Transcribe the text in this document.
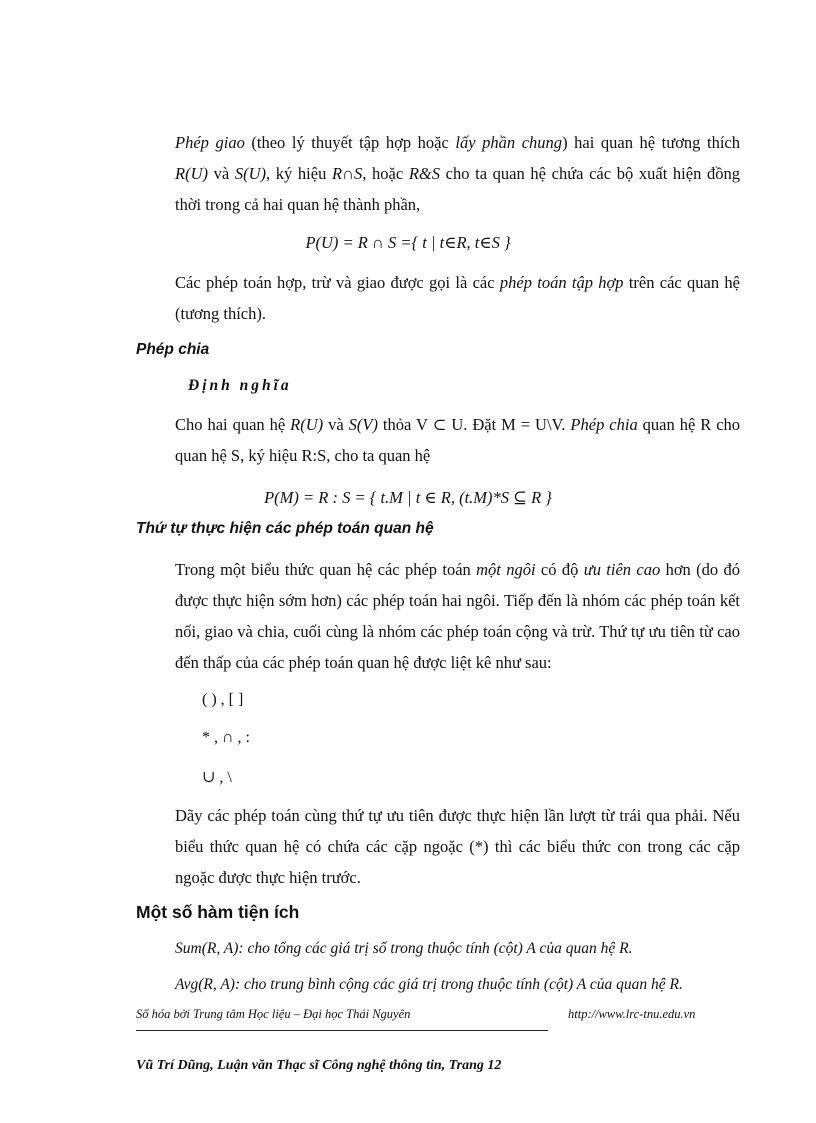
Phép giao (theo lý thuyết tập hợp hoặc lấy phần chung) hai quan hệ tương thích R(U) và S(U), ký hiệu R∩S, hoặc R&S cho ta quan hệ chứa các bộ xuất hiện đồng thời trong cả hai quan hệ thành phần,

P(U) = R ∩ S ={ t | t∈R, t∈S }

Các phép toán hợp, trừ và giao được gọi là các phép toán tập hợp trên các quan hệ (tương thích).

Phép chia

Định nghĩa

Cho hai quan hệ R(U) và S(V) thỏa V ⊂ U. Đặt M = U\V. Phép chia quan hệ R cho quan hệ S, ký hiệu R:S, cho ta quan hệ

P(M) = R : S = { t.M | t ∈ R, (t.M)*S ⊆ R }

Thứ tự thực hiện các phép toán quan hệ

Trong một biểu thức quan hệ các phép toán một ngôi có độ ưu tiên cao hơn (do đó được thực hiện sớm hơn) các phép toán hai ngôi. Tiếp đến là nhóm các phép toán kết nối, giao và chia, cuối cùng là nhóm các phép toán cộng và trừ. Thứ tự ưu tiên từ cao đến thấp của các phép toán quan hệ được liệt kê như sau:

( ) , [ ]

* , ∩ , :

∪ , \

Dãy các phép toán cùng thứ tự ưu tiên được thực hiện lần lượt từ trái qua phải. Nếu biểu thức quan hệ có chứa các cặp ngoặc (*) thì các biểu thức con trong các cặp ngoặc được thực hiện trước.

Một số hàm tiện ích

Sum(R, A): cho tổng các giá trị số trong thuộc tính (cột) A của quan hệ R.

Avg(R, A): cho trung bình cộng các giá trị trong thuộc tính (cột) A của quan hệ R.

Số hóa bởi Trung tâm Học liệu – Đại học Thái Nguyên	http://www.lrc-tnu.edu.vn
Vũ Trí Dũng, Luận văn Thạc sĩ Công nghệ thông tin, Trang 12
